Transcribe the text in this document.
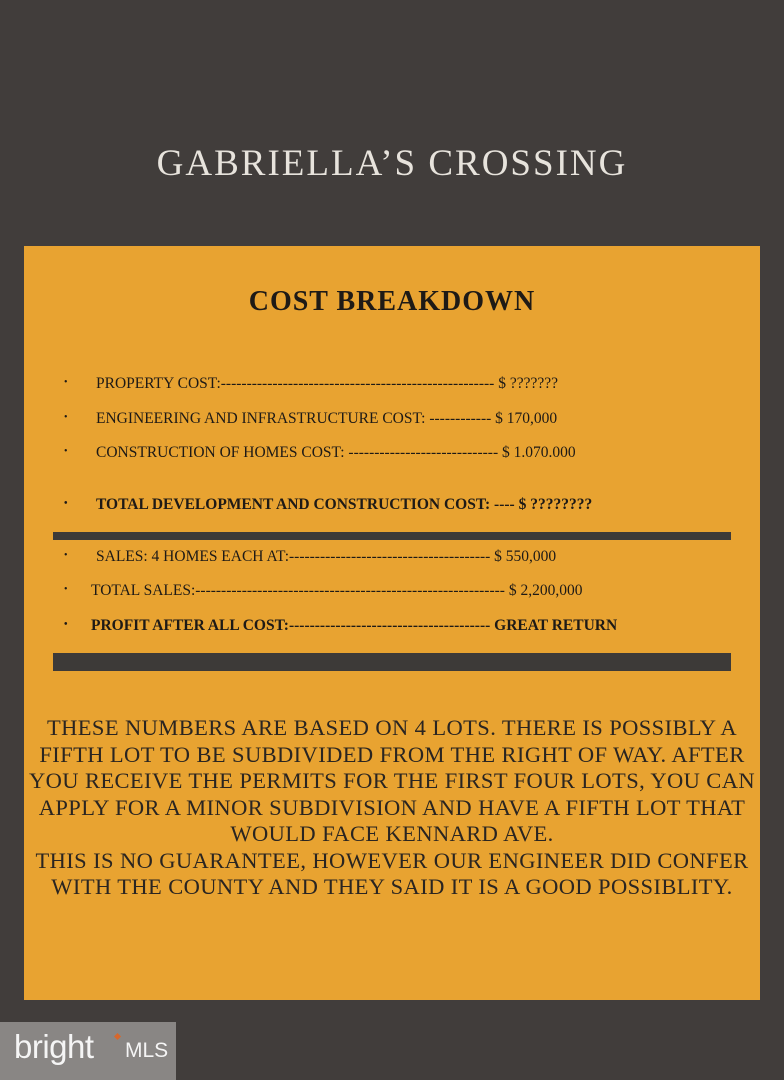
GABRIELLA’S CROSSING
COST BREAKDOWN
• PROPERTY COST:----------------------------------------------------- $ ???????
• ENGINEERING AND INFRASTRUCTURE COST: ------------ $ 170,000
• CONSTRUCTION OF HOMES COST: ----------------------------- $ 1.070.000
• TOTAL DEVELOPMENT AND CONSTRUCTION COST: ---- $ ????????
• SALES: 4 HOMES EACH AT:--------------------------------------- $ 550,000
• TOTAL SALES:------------------------------------------------------------ $ 2,200,000
• PROFIT AFTER ALL COST:--------------------------------------- GREAT RETURN

THESE NUMBERS ARE BASED ON 4 LOTS. THERE IS POSSIBLY A FIFTH LOT TO BE SUBDIVIDED FROM THE RIGHT OF WAY. AFTER YOU RECEIVE THE PERMITS FOR THE FIRST FOUR LOTS, YOU CAN APPLY FOR A MINOR SUBDIVISION AND HAVE A FIFTH LOT THAT WOULD FACE KENNARD AVE.

THIS IS NO GUARANTEE, HOWEVER OUR ENGINEER DID CONFER WITH THE COUNTY AND THEY SAID IT IS A GOOD POSSIBLITY.

bright MLS
